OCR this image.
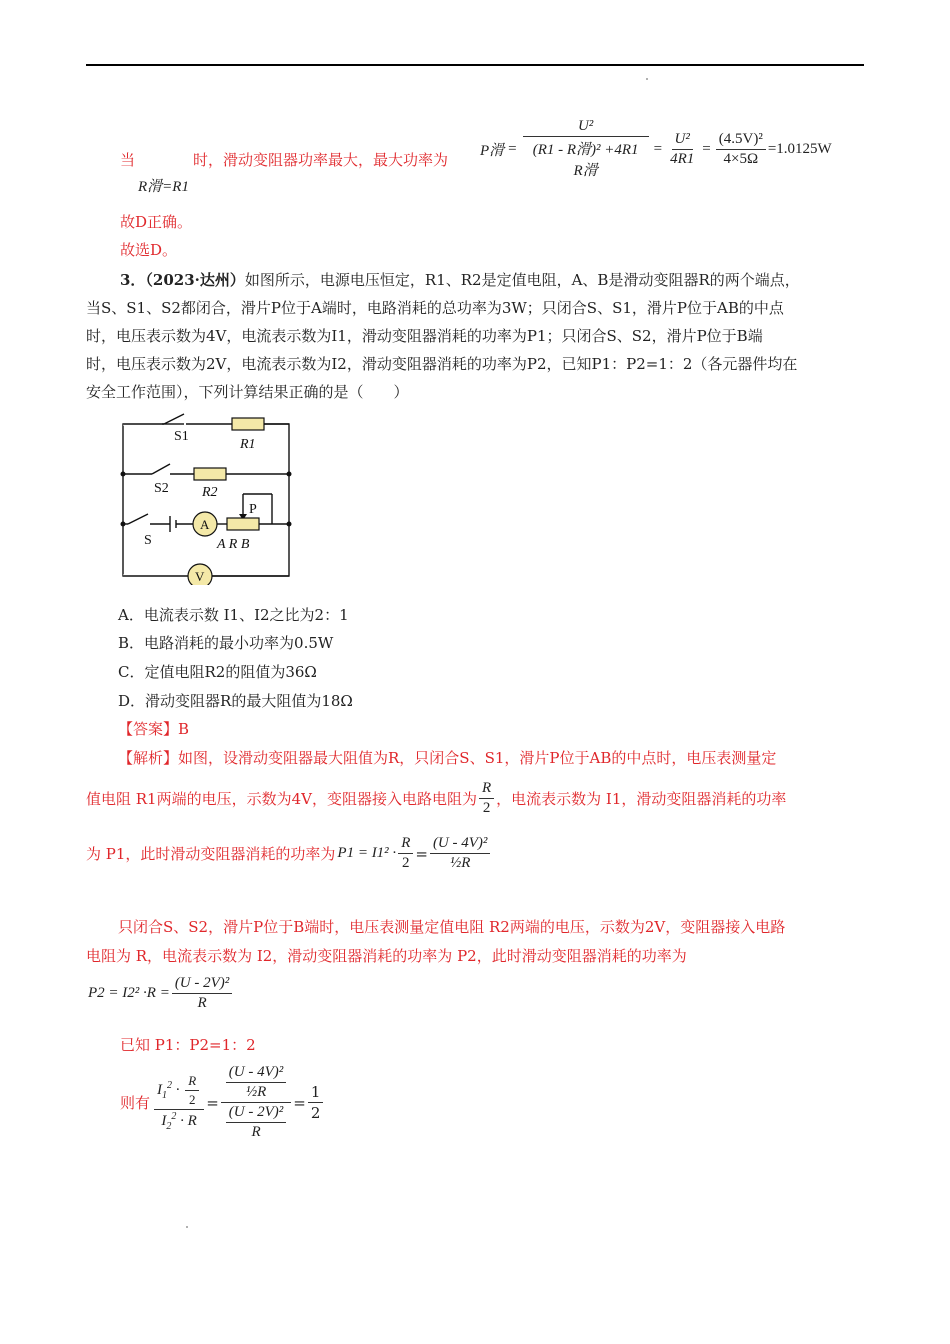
当	时，滑动变阻器功率最大，最大功率为
R滑=R1
P滑 =
U²
(R1 - R滑)² +4R1
R滑
= $\frac{\text{U²}}{4R1} = \frac{\text{(4.5V)²}}{4\times 5\Omega} =1.0125W$
故D正确。
故选D。
3．（2023·达州）如图所示，电源电压恒定，R1、R2是定值电阻，A、B是滑动变阻器R的两个端点，
当S、S1、S2都闭合，滑片P位于A端时，电路消耗的总功率为3W；只闭合S、S1，滑片P位于AB的中点
时，电压表示数为4V，电流表示数为I1，滑动变阻器消耗的功率为P1；只闭合S、S2，滑片P位于B端
时，电压表示数为2V，电流表示数为I2，滑动变阻器消耗的功率为P2，已知P1：P2=1：2（各元器件均在
安全工作范围），下列计算结果正确的是（　　）
S1
R1
S2 R2
S
A
V
P
A R B
A．电流表示数 I1、I2之比为2：1
B．电路消耗的最小功率为0.5W
C．定值电阻R2的阻值为36Ω
D．滑动变阻器R的最大阻值为18Ω
【答案】B
【解析】如图，设滑动变阻器最大阻值为R，只闭合S、S1，滑片P位于AB的中点时，电压表测量定
值电阻 R1两端的电压，示数为4V，变阻器接入电路电阻为 $\frac{R}{2}$ ，电流表示数为 I1，滑动变阻器消耗的功率
为 P1，此时滑动变阻器消耗的功率为 $P1 = I1^2 \cdot \frac{R}{2} = \frac{\text{(U - 4V)²}}{\text{½R}}$
只闭合S、S2，滑片P位于B端时，电压表测量定值电阻 R2两端的电压，示数为2V，变阻器接入电路
电阻为 R，电流表示数为 I2，滑动变阻器消耗的功率为 P2，此时滑动变阻器消耗的功率为
$P2 = I2^2 \cdot R = \frac{\text{(U - 2V)²}}{R}$
已知 P1：P2=1：2
则有 $\frac{I_1^2 \cdot \frac{R}{2}}{I_2^2 \cdot R} = \frac{\frac{\text{(U - 4V)²}}{\text{½R}}}{\frac{\text{(U - 2V)²}}{R}} = \frac{1}{2}$
